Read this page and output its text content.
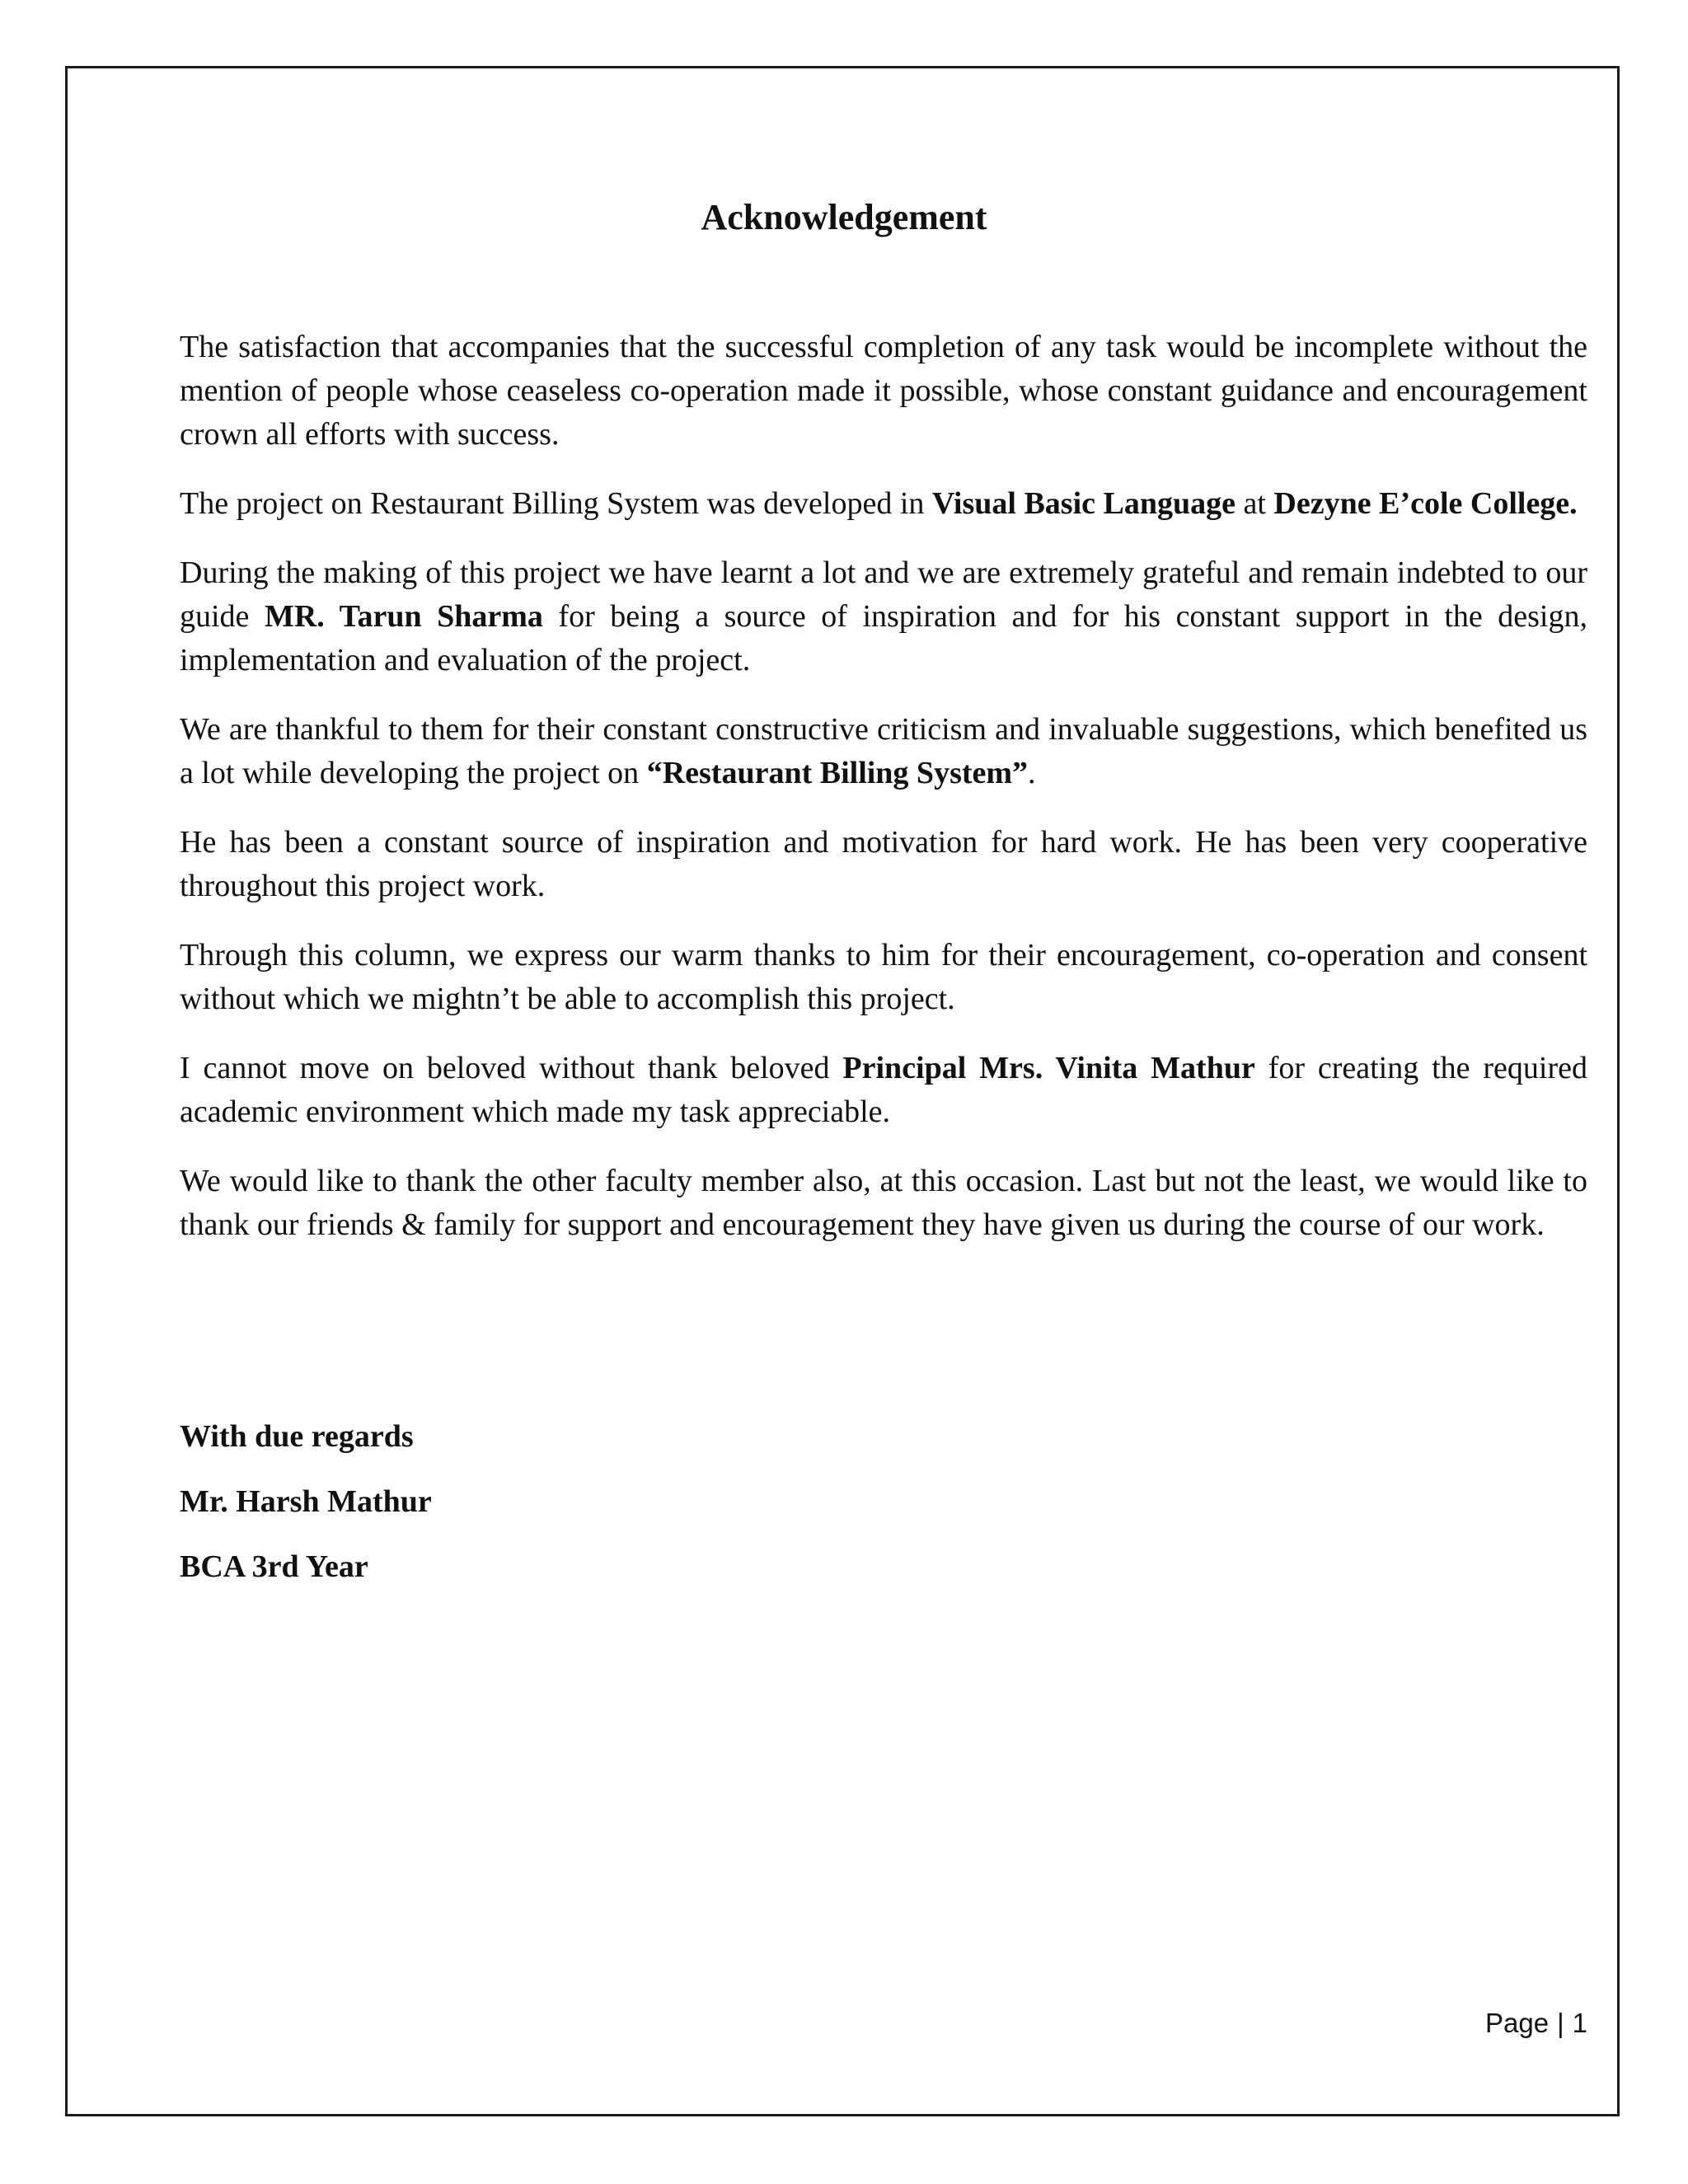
Acknowledgement

The satisfaction that accompanies that the successful completion of any task would be incomplete without the mention of people whose ceaseless co-operation made it possible, whose constant guidance and encouragement crown all efforts with success.

The project on Restaurant Billing System was developed in Visual Basic Language at Dezyne E’cole College.

During the making of this project we have learnt a lot and we are extremely grateful and remain indebted to our guide MR. Tarun Sharma for being a source of inspiration and for his constant support in the design, implementation and evaluation of the project.

We are thankful to them for their constant constructive criticism and invaluable suggestions, which benefited us a lot while developing the project on “Restaurant Billing System”.

He has been a constant source of inspiration and motivation for hard work. He has been very cooperative throughout this project work.

Through this column, we express our warm thanks to him for their encouragement, co-operation and consent without which we mightn’t be able to accomplish this project.

I cannot move on beloved without thank beloved Principal Mrs. Vinita Mathur for creating the required academic environment which made my task appreciable.

We would like to thank the other faculty member also, at this occasion. Last but not the least, we would like to thank our friends & family for support and encouragement they have given us during the course of our work.

With due regards
Mr. Harsh Mathur
BCA 3rd Year
Page | 1
